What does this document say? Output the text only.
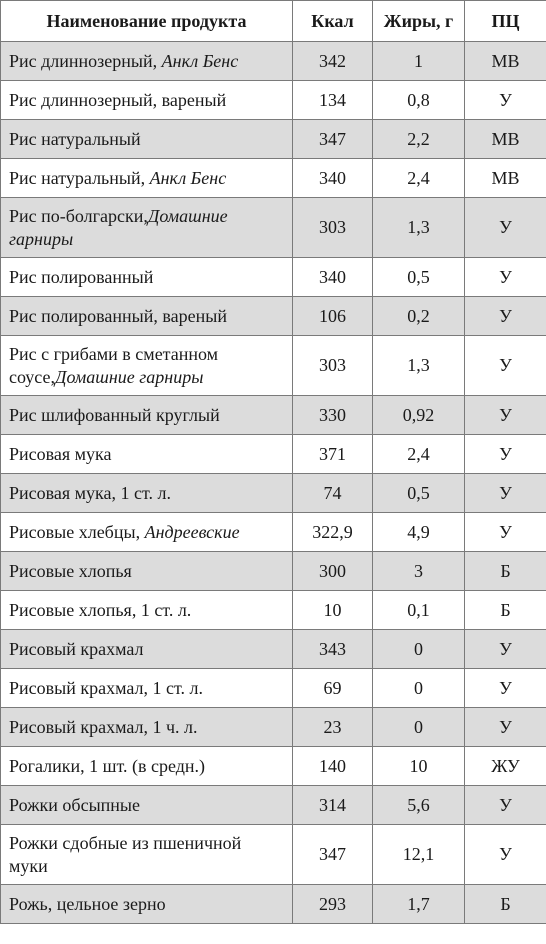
Наименование продукта	Ккал	Жиры, г	ПЦ
Рис длиннозерный, Анкл Бенс	342	1	МВ
Рис длиннозерный, вареный	134	0,8	У
Рис натуральный	347	2,2	МВ
Рис натуральный, Анкл Бенс	340	2,4	МВ
Рис по-болгарски,Домашние гарниры	303	1,3	У
Рис полированный	340	0,5	У
Рис полированный, вареный	106	0,2	У
Рис с грибами в сметанном соусе,Домашние гарниры	303	1,3	У
Рис шлифованный круглый	330	0,92	У
Рисовая мука	371	2,4	У
Рисовая мука, 1 ст. л.	74	0,5	У
Рисовые хлебцы, Андреевские	322,9	4,9	У
Рисовые хлопья	300	3	Б
Рисовые хлопья, 1 ст. л.	10	0,1	Б
Рисовый крахмал	343	0	У
Рисовый крахмал, 1 ст. л.	69	0	У
Рисовый крахмал, 1 ч. л.	23	0	У
Рогалики, 1 шт. (в средн.)	140	10	ЖУ
Рожки обсыпные	314	5,6	У
Рожки сдобные из пшеничной муки	347	12,1	У
Рожь, цельное зерно	293	1,7	Б
